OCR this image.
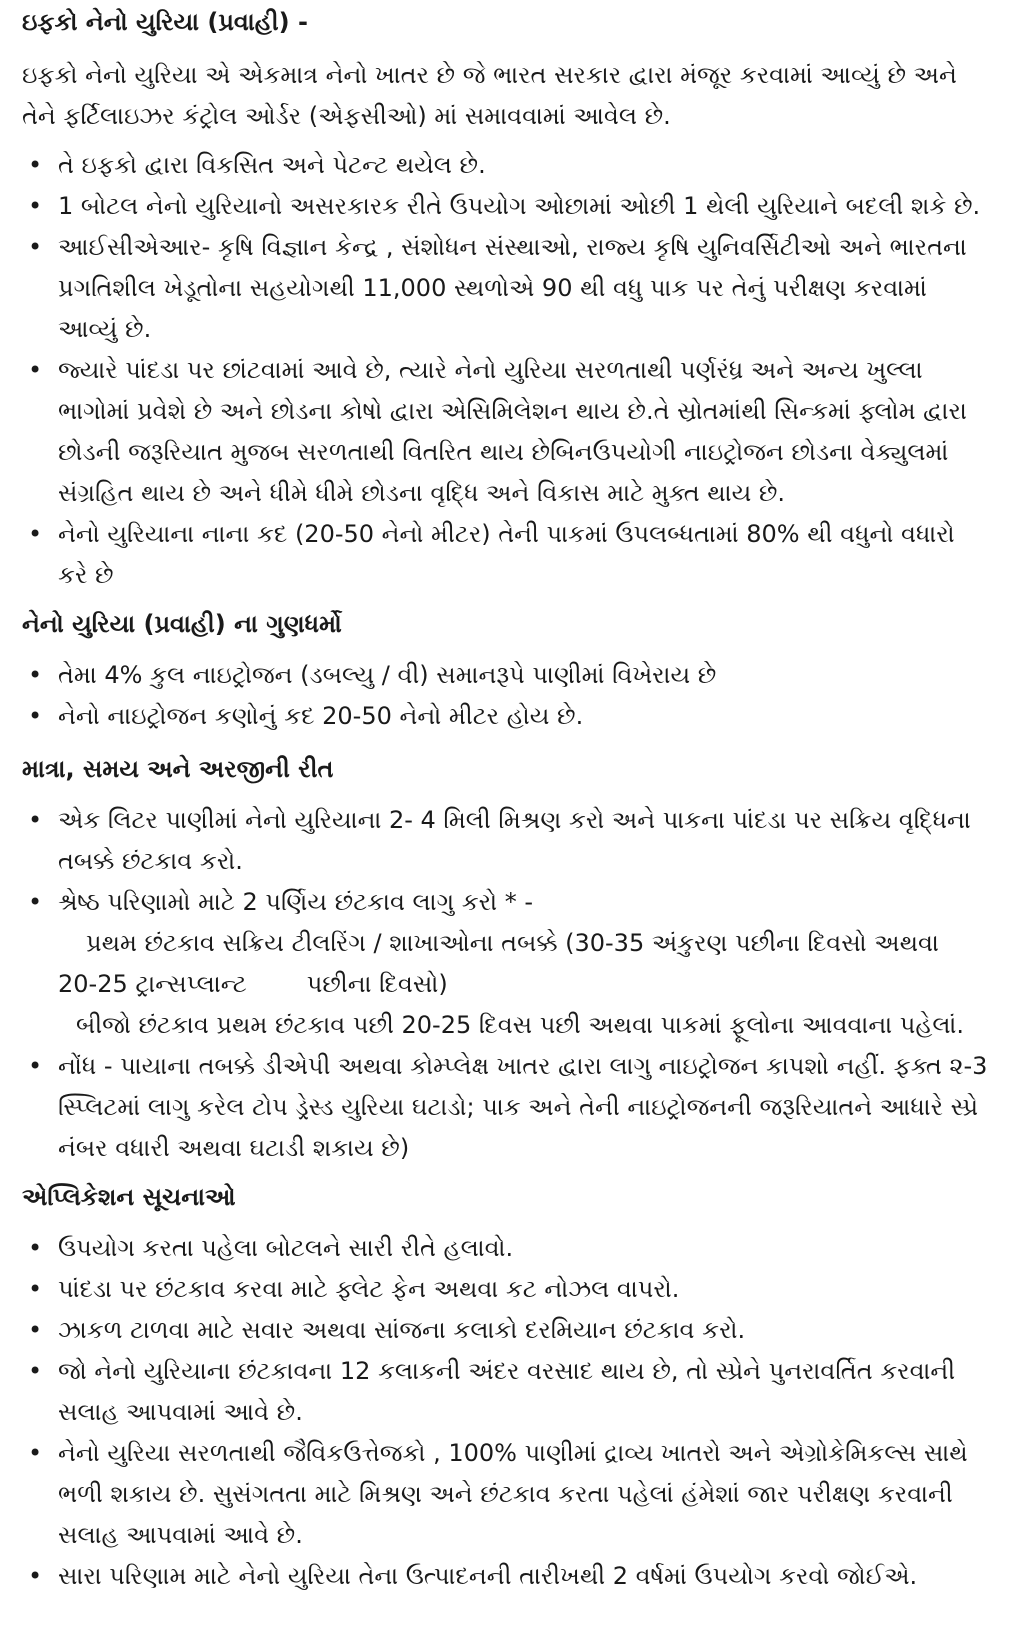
ઇફકો નેનો યુરિયા (પ્રવાહી) -

ઇફકો નેનો યુરિયા એ એકમાત્ર નેનો ખાતર છે જે ભારત સરકાર દ્વારા મંજૂર કરવામાં આવ્યું છે અને તેને ફર્ટિલાઇઝર કંટ્રોલ ઓર્ડર (એફસીઓ) માં સમાવવામાં આવેલ છે.

• તે ઇફકો દ્વારા વિકસિત અને પેટન્ટ થયેલ છે.
• 1 બોટલ નેનો યુરિયાનો અસરકારક રીતે ઉપયોગ ઓછામાં ઓછી 1 થેલી યુરિયાને બદલી શકે છે.
• આઈસીએઆર- કૃષિ વિજ્ઞાન કેન્દ્ર , સંશોધન સંસ્થાઓ, રાજ્ય કૃષિ યુનિવર્સિટીઓ અને ભારતના પ્રગતિશીલ ખેડૂતોના સહયોગથી 11,000 સ્થળોએ 90 થી વધુ પાક પર તેનું પરીક્ષણ કરવામાં આવ્યું છે.
• જ્યારે પાંદડા પર છાંટવામાં આવે છે, ત્યારે નેનો યુરિયા સરળતાથી પર્ણરંધ્ર અને અન્ય ખુલ્લા ભાગોમાં પ્રવેશે છે અને છોડના કોષો દ્વારા એસિમિલેશન થાય છે.તે સ્રોતમાંથી સિન્કમાં ફ્લોમ દ્વારા છોડની જરૂરિયાત મુજબ સરળતાથી વિતરિત થાય છેબિનઉપયોગી નાઇટ્રોજન છોડના વેક્યુલમાં સંગ્રહિત થાય છે અને ધીમે ધીમે છોડના વૃદ્ધિ અને વિકાસ માટે મુક્ત થાય છે.
• નેનો યુરિયાના નાના કદ (20-50 નેનો મીટર) તેની પાકમાં ઉપલબ્ધતામાં 80% થી વધુનો વધારો કરે છે
નેનો યુરિયા (પ્રવાહી) ના ગુણધર્મો
• તેમા 4% કુલ નાઇટ્રોજન (ડબલ્યુ / વી) સમાનરૂપે પાણીમાં વિખેરાય છે
• નેનો નાઇટ્રોજન કણોનું કદ 20-50 નેનો મીટર હોય છે.
માત્રા, સમય અને અરજીની રીત
• એક લિટર પાણીમાં નેનો યુરિયાના 2- 4 મિલી મિશ્રણ કરો અને પાકના પાંદડા પર સક્રિય વૃદ્ધિના તબક્કે છંટકાવ કરો.
• શ્રેષ્ઠ પરિણામો માટે 2 પર્ણિય છંટકાવ લાગુ કરો * -
પ્રથમ છંટકાવ સક્રિય ટીલરિંગ / શાખાઓના તબક્કે (30-35 અંકુરણ પછીના દિવસો અથવા
20-25 ટ્રાન્સપ્લાન્ટ	પછીના દિવસો)
બીજો છંટકાવ પ્રથમ છંટકાવ પછી 20-25 દિવસ પછી અથવા પાકમાં ફૂલોના આવવાના પહેલાં.
• નોંધ - પાયાના તબક્કે ડીએપી અથવા કોમ્પ્લેક્ષ ખાતર દ્વારા લાગુ નાઇટ્રોજન કાપશો નહીં. ફક્ત ૨-3 સ્પ્લિટમાં લાગુ કરેલ ટોપ ડ્રેસ્ડ યુરિયા ઘટાડો; પાક અને તેની નાઇટ્રોજનની જરૂરિયાતને આધારે સ્પ્રે નંબર વધારી અથવા ઘટાડી શકાય છે)
એપ્લિકેશન સૂચનાઓ
• ઉપયોગ કરતા પહેલા બોટલને સારી રીતે હલાવો.
• પાંદડા પર છંટકાવ કરવા માટે ફ્લેટ ફેન અથવા કટ નોઝલ વાપરો.
• ઝાકળ ટાળવા માટે સવાર અથવા સાંજના કલાકો દરમિયાન છંટકાવ કરો.
• જો નેનો યુરિયાના છંટકાવના 12 કલાકની અંદર વરસાદ થાય છે, તો સ્પ્રેને પુનરાવર્તિત કરવાની સલાહ આપવામાં આવે છે.
• નેનો યુરિયા સરળતાથી જૈવિકઉત્તેજકો , 100% પાણીમાં દ્રાવ્ય ખાતરો અને એગ્રોકેમિકલ્સ સાથે ભળી શકાય છે. સુસંગતતા માટે મિશ્રણ અને છંટકાવ કરતા પહેલાં હંમેશાં જાર પરીક્ષણ કરવાની સલાહ આપવામાં આવે છે.
• સારા પરિણામ માટે નેનો યુરિયા તેના ઉત્પાદનની તારીખથી 2 વર્ષમાં ઉપયોગ કરવો જોઈએ.
